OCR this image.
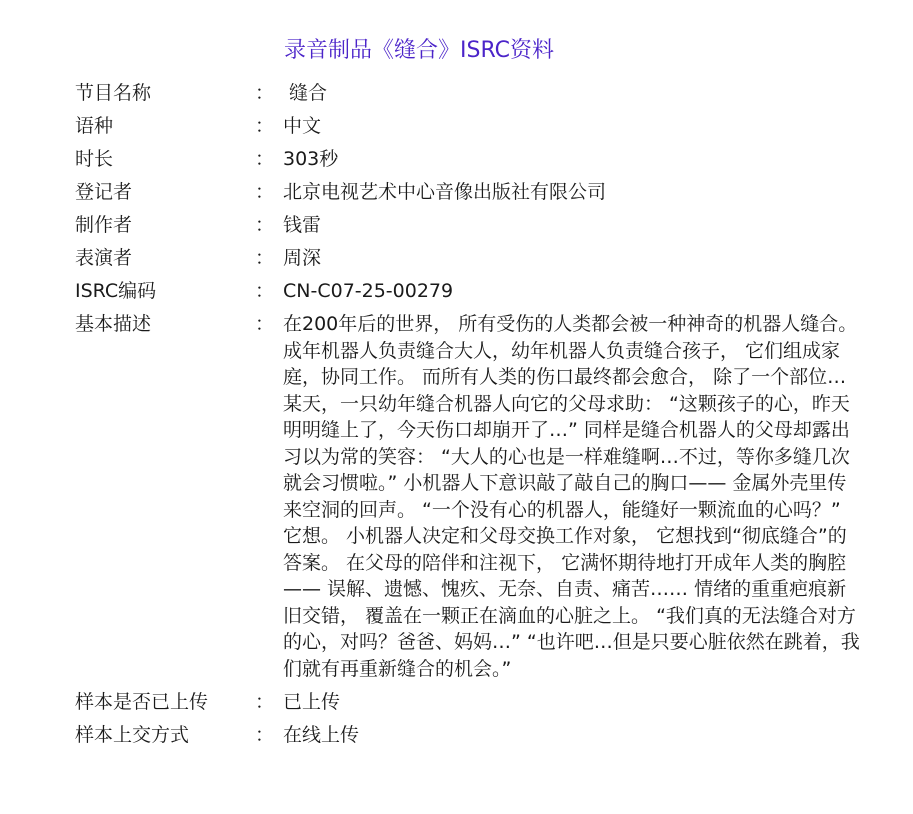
录音制品《缝合》ISRC资料
节目名称	： 缝合
语种	： 中文
时长	： 303秒
登记者	： 北京电视艺术中心音像出版社有限公司
制作者	： 钱雷
表演者	： 周深
ISRC编码	： CN-C07-25-00279
基本描述	： 在200年后的世界， 所有受伤的人类都会被一种神奇的机器人缝合。 成年机器人负责缝合大人，幼年机器人负责缝合孩子， 它们组成家庭，协同工作。 而所有人类的伤口最终都会愈合， 除了一个部位… 某天，一只幼年缝合机器人向它的父母求助： “这颗孩子的心，昨天明明缝上了，今天伤口却崩开了…” 同样是缝合机器人的父母却露出习以为常的笑容： “大人的心也是一样难缝啊…不过，等你多缝几次就会习惯啦。” 小机器人下意识敲了敲自己的胸口—— 金属外壳里传来空洞的回声。 “一个没有心的机器人，能缝好一颗流血的心吗？” 它想。 小机器人决定和父母交换工作对象， 它想找到“彻底缝合”的答案。 在父母的陪伴和注视下， 它满怀期待地打开成年人类的胸腔—— 误解、遗憾、愧疚、无奈、自责、痛苦…… 情绪的重重疤痕新旧交错， 覆盖在一颗正在滴血的心脏之上。 “我们真的无法缝合对方的心，对吗？爸爸、妈妈…” “也许吧…但是只要心脏依然在跳着，我们就有再重新缝合的机会。”
样本是否已上传	： 已上传
样本上交方式	： 在线上传
